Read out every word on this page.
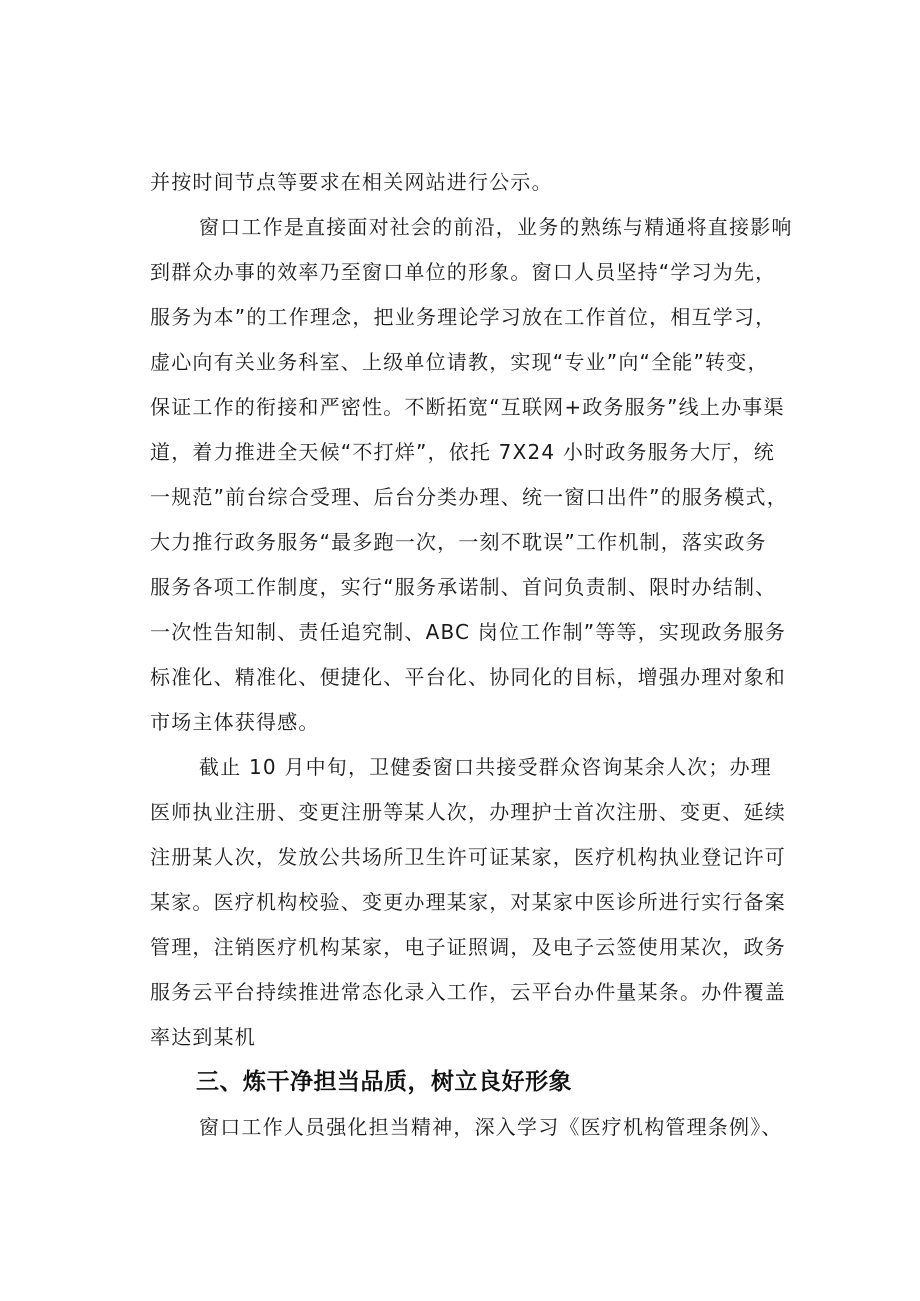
并按时间节点等要求在相关网站进行公示。
窗口工作是直接面对社会的前沿，业务的熟练与精通将直接影响
到群众办事的效率乃至窗口单位的形象。窗口人员坚持“学习为先，
服务为本”的工作理念，把业务理论学习放在工作首位，相互学习，
虚心向有关业务科室、上级单位请教，实现“专业”向“全能”转变，
保证工作的衔接和严密性。不断拓宽“互联网+政务服务”线上办事渠
道，着力推进全天候“不打烊”，依托 7X24 小时政务服务大厅，统
一规范”前台综合受理、后台分类办理、统一窗口出件”的服务模式，
大力推行政务服务“最多跑一次，一刻不耽误”工作机制，落实政务
服务各项工作制度，实行“服务承诺制、首问负责制、限时办结制、
一次性告知制、责任追究制、ABC 岗位工作制”等等，实现政务服务
标准化、精准化、便捷化、平台化、协同化的目标，增强办理对象和
市场主体获得感。
截止 10 月中旬，卫健委窗口共接受群众咨询某余人次；办理
医师执业注册、变更注册等某人次，办理护士首次注册、变更、延续
注册某人次，发放公共场所卫生许可证某家，医疗机构执业登记许可
某家。医疗机构校验、变更办理某家，对某家中医诊所进行实行备案
管理，注销医疗机构某家，电子证照调，及电子云签使用某次，政务
服务云平台持续推进常态化录入工作，云平台办件量某条。办件覆盖
率达到某机
三、炼干净担当品质，树立良好形象
窗口工作人员强化担当精神，深入学习《医疗机构管理条例》、
